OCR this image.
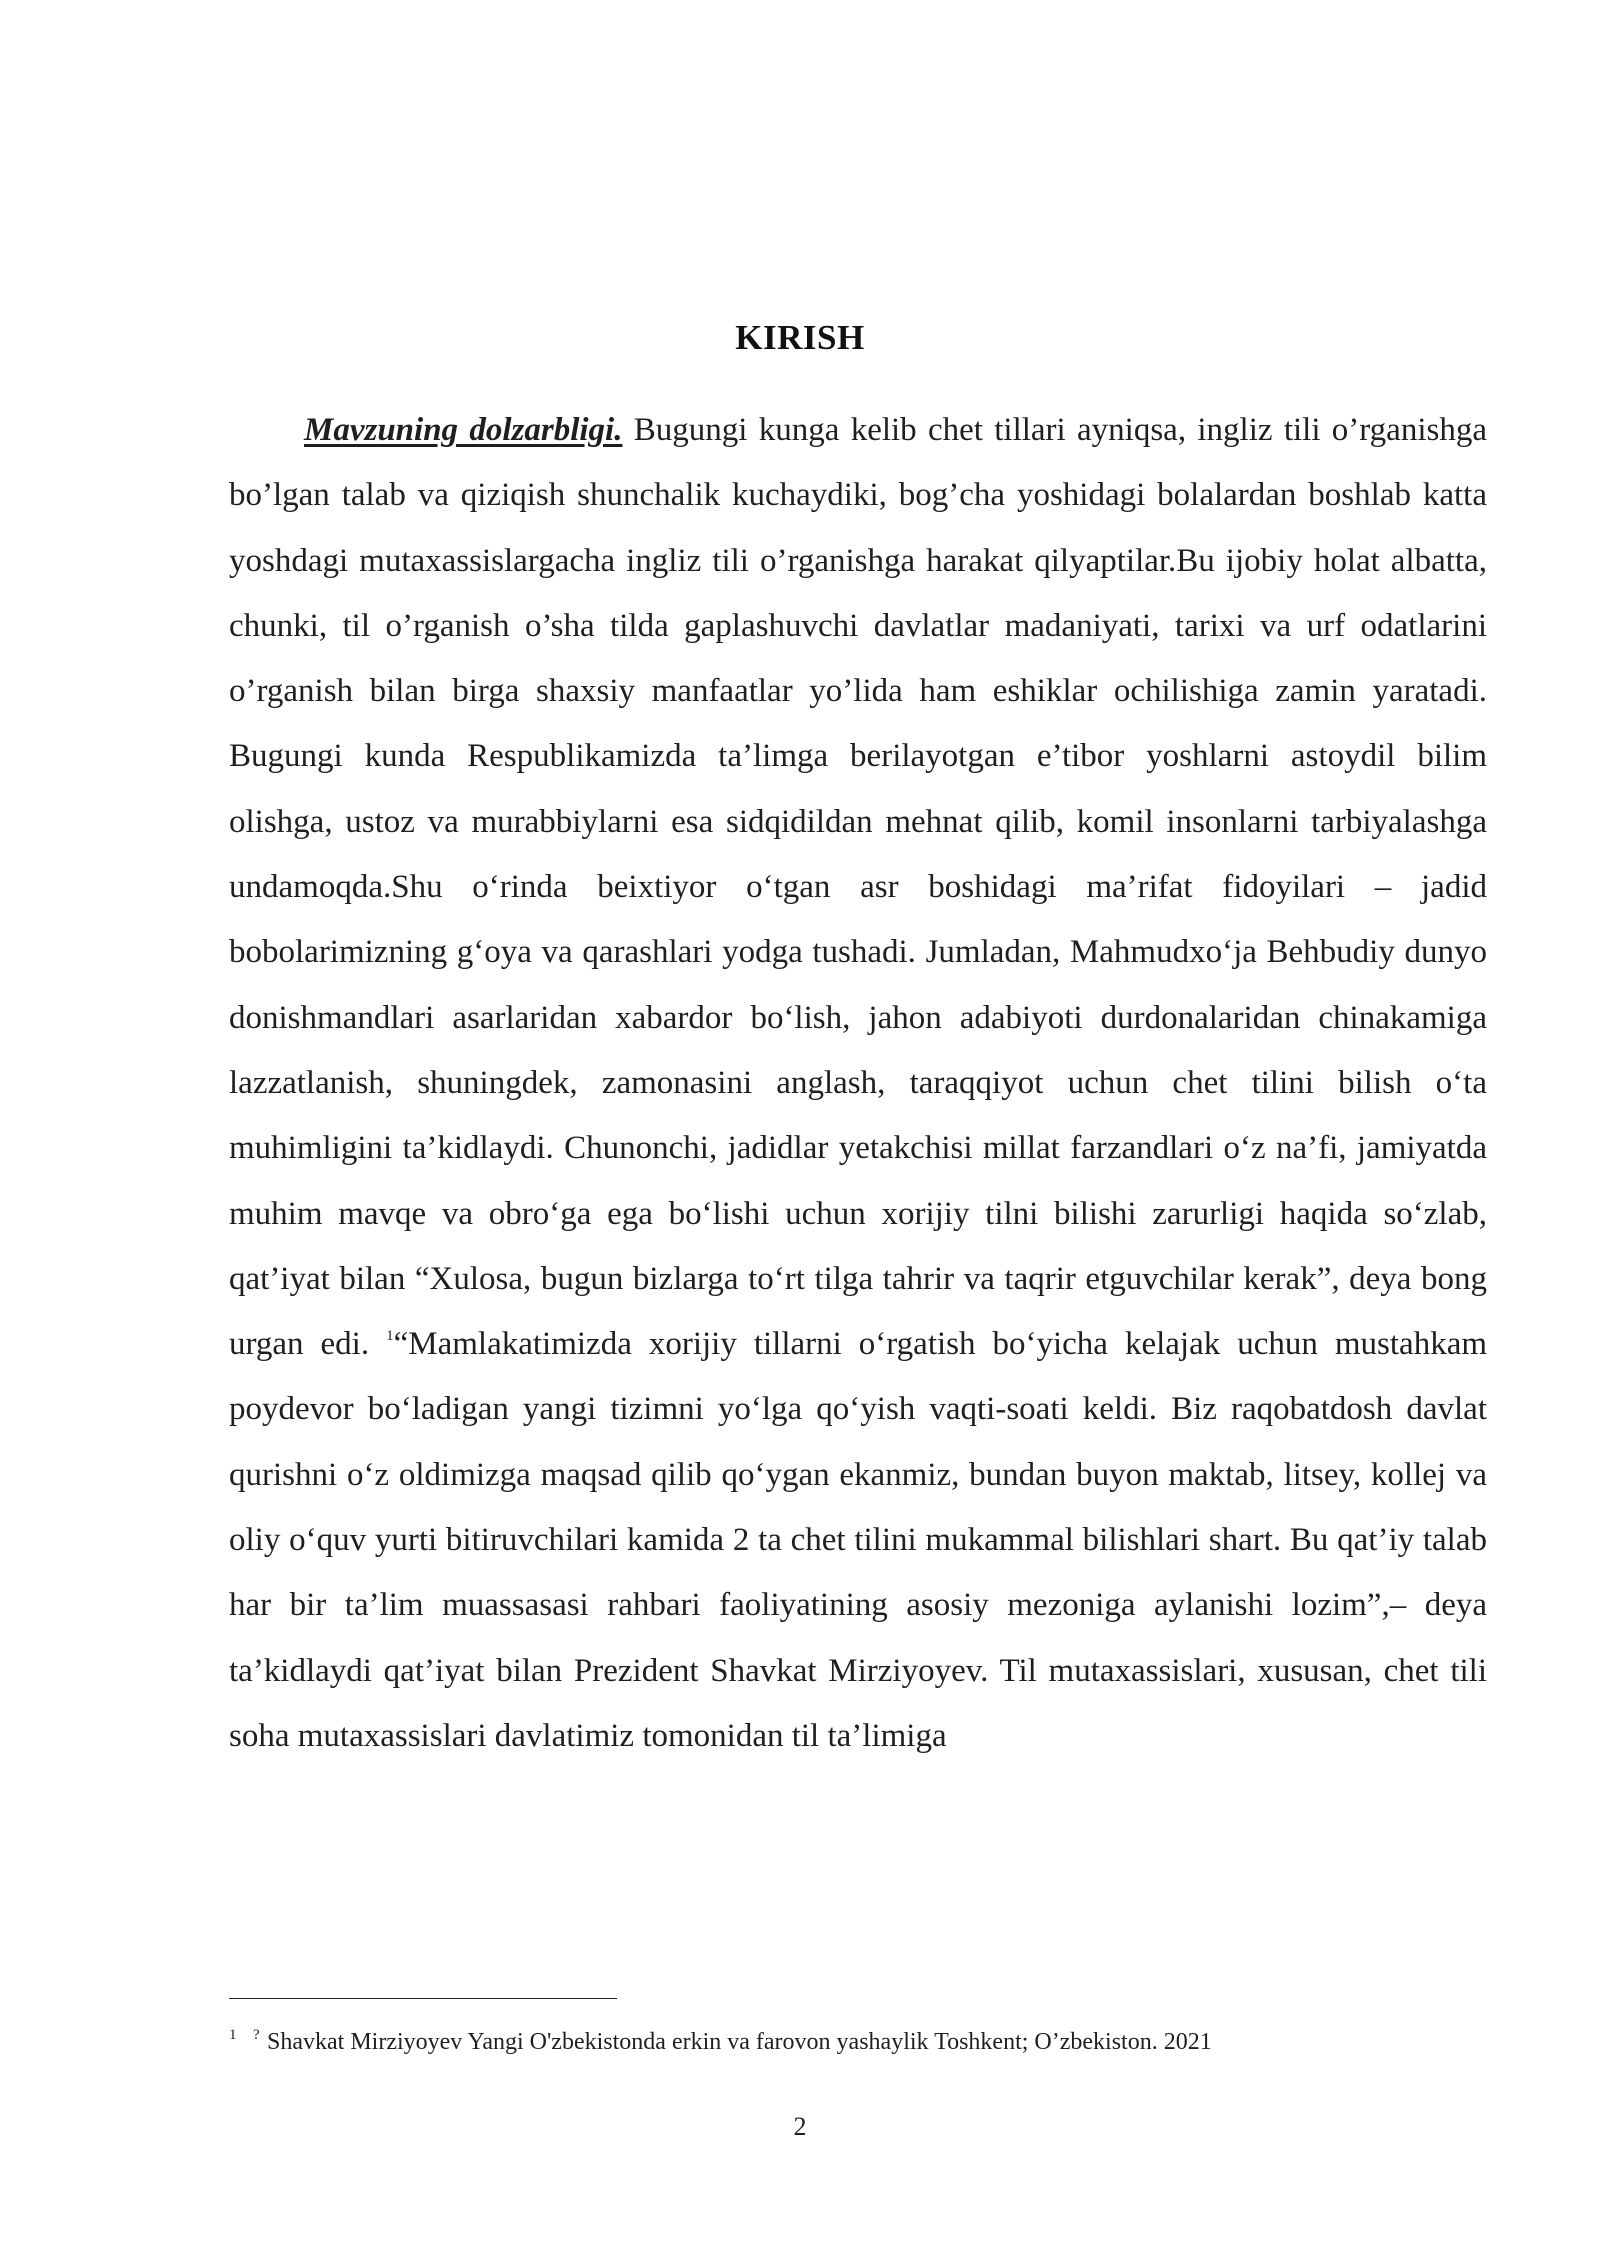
KIRISH

Mavzuning dolzarbligi. Bugungi kunga kelib chet tillari ayniqsa, ingliz tili o’rganishga bo’lgan talab va qiziqish shunchalik kuchaydiki, bog’cha yoshidagi bolalardan boshlab katta yoshdagi mutaxassislargacha ingliz tili o’rganishga harakat qilyaptilar.Bu ijobiy holat albatta, chunki, til o’rganish o’sha tilda gaplashuvchi davlatlar madaniyati, tarixi va urf odatlarini o’rganish bilan birga shaxsiy manfaatlar yo’lida ham eshiklar ochilishiga zamin yaratadi. Bugungi kunda Respublikamizda ta’limga berilayotgan e’tibor yoshlarni astoydil bilim olishga, ustoz va murabbiylarni esa sidqidildan mehnat qilib, komil insonlarni tarbiyalashga undamoqda.Shu o‘rinda beixtiyor o‘tgan asr boshidagi ma’rifat fidoyilari – jadid bobolarimizning g‘oya va qarashlari yodga tushadi. Jumladan, Mahmudxo‘ja Behbudiy dunyo donishmandlari asarlaridan xabardor bo‘lish, jahon adabiyoti durdonalaridan chinakamiga lazzatlanish, shuningdek, zamonasini anglash, taraqqiyot uchun chet tilini bilish o‘ta muhimligini ta’kidlaydi. Chunonchi, jadidlar yetakchisi millat farzandlari o‘z na’fi, jamiyatda muhim mavqe va obro‘ga ega bo‘lishi uchun xorijiy tilni bilishi zarurligi haqida so‘zlab, qat’iyat bilan “Xulosa, bugun bizlarga to‘rt tilga tahrir va taqrir etguvchilar kerak”, deya bong urgan edi. $^1$“Mamlakatimizda xorijiy tillarni o‘rgatish bo‘yicha kelajak uchun mustahkam poydevor bo‘ladigan yangi tizimni yo‘lga qo‘yish vaqti-soati keldi. Biz raqobatdosh davlat qurishni o‘z oldimizga maqsad qilib qo‘ygan ekanmiz, bundan buyon maktab, litsey, kollej va oliy o‘quv yurti bitiruvchilari kamida 2 ta chet tilini mukammal bilishlari shart. Bu qat’iy talab har bir ta’lim muassasasi rahbari faoliyatining asosiy mezoniga aylanishi lozim”,– deya ta’kidlaydi qat’iyat bilan Prezident Shavkat Mirziyoyev. Til mutaxassislari, xususan, chet tili soha mutaxassislari davlatimiz tomonidan til ta’limiga

1 ? Shavkat Mirziyoyev Yangi O'zbekistonda erkin va farovon yashaylik Toshkent; O’zbekiston. 2021

2
